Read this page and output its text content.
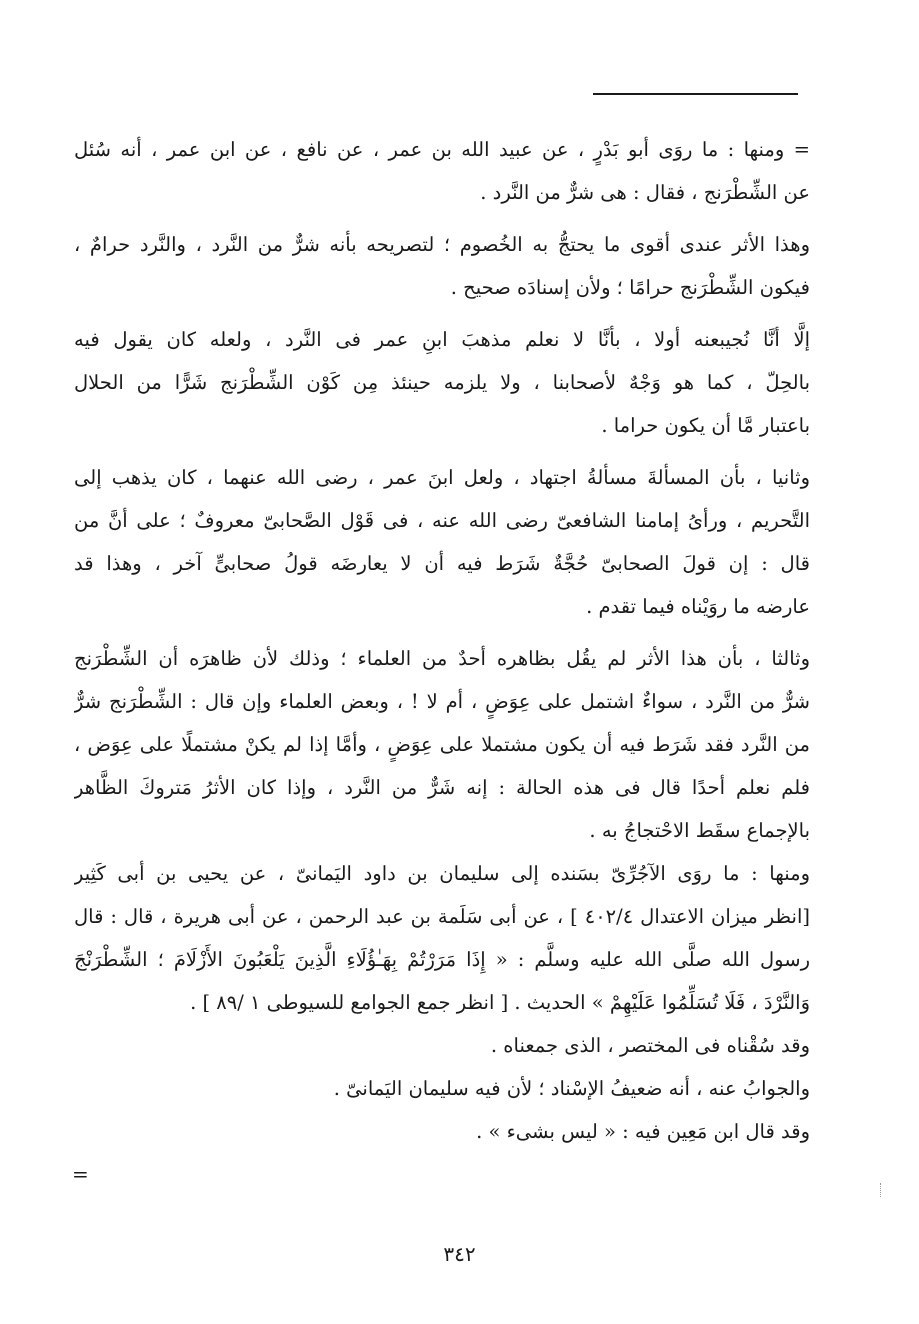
= ومنها : ما روَى أبو بَدْرٍ ، عن عبيد الله بن عمر ، عن نافع ، عن ابن عمر ، أنه سُئل
عن الشِّطْرَنج ، فقال : هى شرٌّ من النَّرد .
وهذا الأثر عندى أقوى ما يحتجُّ به الخُصوم ؛ لتصريحه بأنه شرٌّ من النَّرد ، والنَّرد حرامٌ ،
فيكون الشِّطْرَنج حرامًا ؛ ولأن إسنادَه صحيح .
إلَّا أنَّا نُجيبعنه أولا ، بأنَّا لا نعلم مذهبَ ابنِ عمر فى النَّرد ، ولعله كان يقول فيه
بالحِلّ ، كما هو وَجْهٌ لأصحابنا ، ولا يلزمه حينئذ مِن كَوْن الشِّطْرَنج شَرًّا من الحلال
باعتبار مَّا أن يكون حراما .
وثانيا ، بأن المسألةَ مسألةُ اجتهاد ، ولعل ابنَ عمر ، رضى الله عنهما ، كان يذهب إلى
التَّحريم ، ورأىُ إمامنا الشافعىّ رضى الله عنه ، فى قَوْل الصَّحابىّ معروفٌ ؛ على أنَّ من
قال : إن قولَ الصحابىّ حُجَّةٌ شَرَط فيه أن لا يعارضَه قولُ صحابىٍّ آخر ، وهذا قد
عارضه ما روَيْناه فيما تقدم .
وثالثا ، بأن هذا الأثر لم يقُل بظاهره أحدٌ من العلماء ؛ وذلك لأن ظاهرَه أن الشِّطْرَنج
شرٌّ من النَّرد ، سواءٌ اشتمل على عِوَضٍ ، أم لا ! ، وبعض العلماء وإن قال : الشِّطْرَنج شرٌّ
من النَّرد فقد شَرَط فيه أن يكون مشتملا على عِوَضٍ ، وأمَّا إذا لم يكنْ مشتملًا على عِوَض ،
فلم نعلم أحدًا قال فى هذه الحالة : إنه شَرٌّ من النَّرد ، وإذا كان الأثرُ مَتروكَ الظَّاهر
بالإجماع سقَط الاحْتجاجُ به .
ومنها : ما روَى الآجُرِّىّ بسَنده إلى سليمان بن داود اليَمانىّ ، عن يحيى بن أبى كَثِير
[انظر ميزان الاعتدال ٤٠٢/٤ ] ، عن أبى سَلَمة بن عبد الرحمن ، عن أبى هريرة ، قال : قال
رسول الله صلَّى الله عليه وسلَّم : « إِذَا مَرَرْتُمْ بِهَـٰؤُلَاءِ الَّذِينَ يَلْعَبُونَ الأَزْلَامَ ؛ الشِّطْرَنْجَ
وَالنَّرْدَ ، فَلَا تُسَلِّمُوا عَلَيْهِمْ » الحديث . [ انظر جمع الجوامع للسيوطى ١ /٨٩ ] .
وقد سُقْناه فى المختصر ، الذى جمعناه .
والجوابُ عنه ، أنه ضعيفُ الإسْناد ؛ لأن فيه سليمان اليَمانىّ .
وقد قال ابن مَعِين فيه : « ليس بشىء » .
=
٣٤٢
